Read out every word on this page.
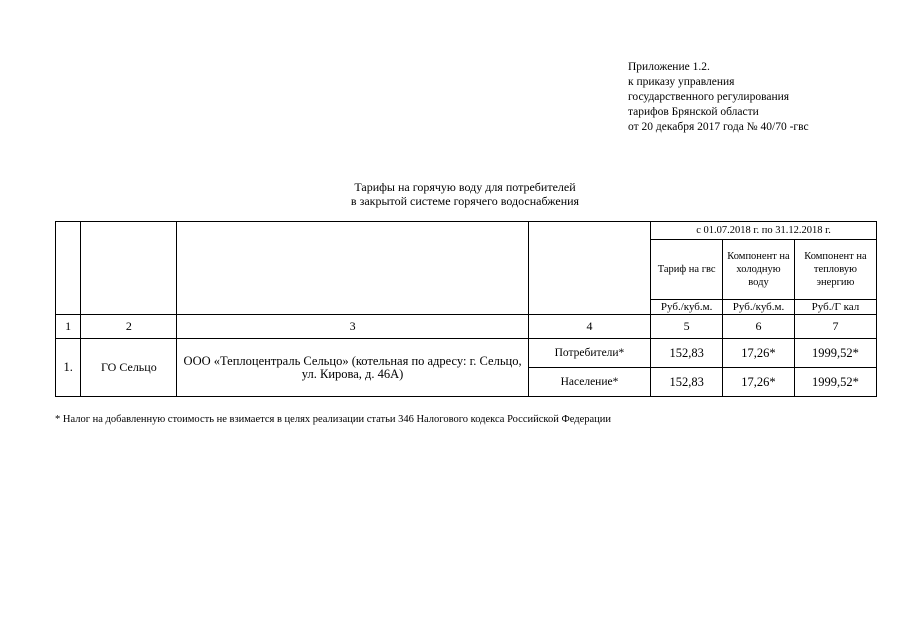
Приложение 1.2.
к приказу управления
государственного регулирования
тарифов Брянской области
от 20 декабря 2017 года № 40/70 -гвс
Тарифы на горячую воду для потребителей
в закрытой системе горячего водоснабжения
				с 01.07.2018 г. по 31.12.2018 г.		
				Тариф на гвс	Компонент на холодную воду	Компонент на тепловую энергию
				Руб./куб.м.	Руб./куб.м.	Руб./Г кал
1	2	3	4	5	6	7
1.	ГО Сельцо	ООО «Теплоцентраль Сельцо» (котельная по адресу: г. Сельцо, ул. Кирова, д. 46А)	Потребители*	152,83	17,26*	1999,52*
			Население*	152,83	17,26*	1999,52*
* Налог на добавленную стоимость не взимается в целях реализации статьи 346 Налогового кодекса Российской Федерации
